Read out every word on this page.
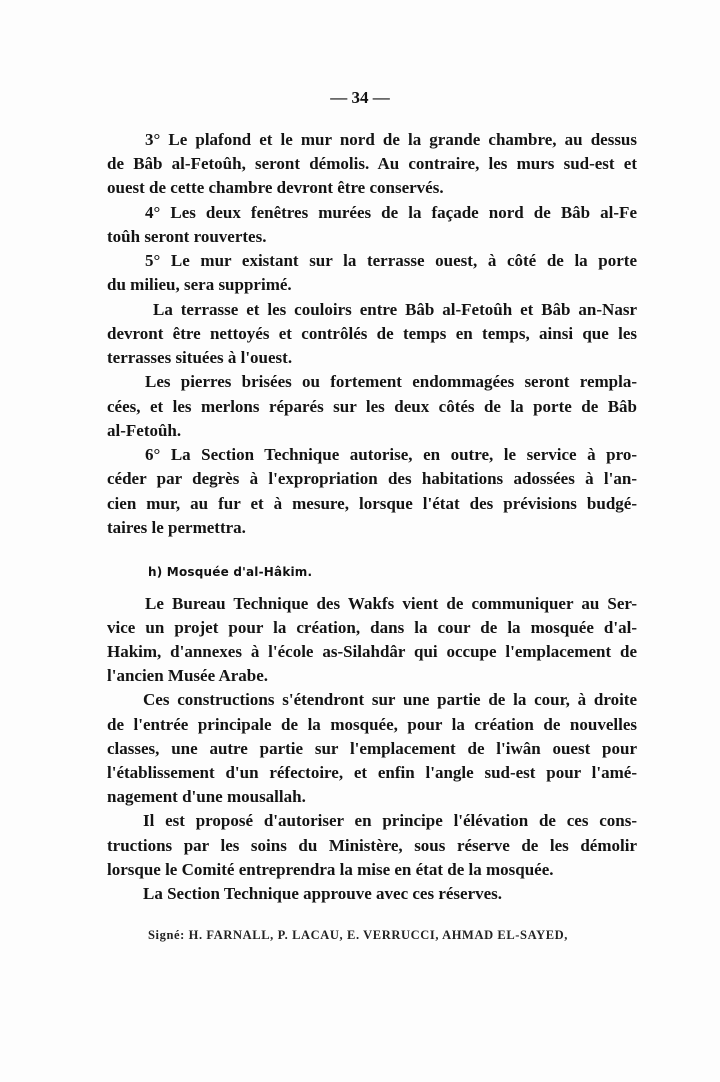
— 34 —
3° Le plafond et le mur nord de la grande chambre, au dessus
de Bâb al-Fetoûh, seront démolis. Au contraire, les murs sud-est et
ouest de cette chambre devront être conservés.
4° Les deux fenêtres murées de la façade nord de Bâb al-Fe
toûh seront rouvertes.
5° Le mur existant sur la terrasse ouest, à côté de la porte
du milieu, sera supprimé.
La terrasse et les couloirs entre Bâb al-Fetoûh et Bâb an-Nasr
devront être nettoyés et contrôlés de temps en temps, ainsi que les
terrasses situées à l'ouest.
Les pierres brisées ou fortement endommagées seront rempla-
cées, et les merlons réparés sur les deux côtés de la porte de Bâb
al-Fetoûh.
6° La Section Technique autorise, en outre, le service à pro-
céder par degrès à l'expropriation des habitations adossées à l'an-
cien mur, au fur et à mesure, lorsque l'état des prévisions budgé-
taires le permettra.
Le Bureau Technique des Wakfs vient de communiquer au Ser-
vice un projet pour la création, dans la cour de la mosquée d'al-
Hakim, d'annexes à l'école as-Silahdâr qui occupe l'emplacement de
l'ancien Musée Arabe.
Ces constructions s'étendront sur une partie de la cour, à droite
de l'entrée principale de la mosquée, pour la création de nouvelles
classes, une autre partie sur l'emplacement de l'iwân ouest pour
l'établissement d'un réfectoire, et enfin l'angle sud-est pour l'amé-
nagement d'une mousallah.
Il est proposé d'autoriser en principe l'élévation de ces cons-
tructions par les soins du Ministère, sous réserve de les démolir
lorsque le Comité entreprendra la mise en état de la mosquée.
La Section Technique approuve avec ces réserves.
h) Mosquée d'al-Hâkim.
Signé: H. FARNALL, P. LACAU, E. VERRUCCI, AHMAD EL-SAYED,
